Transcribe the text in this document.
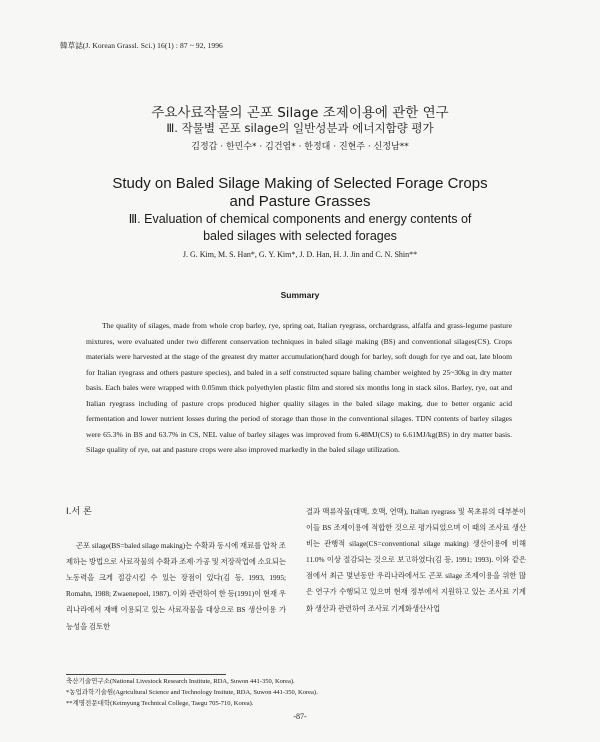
韓草誌(J. Korean Grassl. Sci.) 16(1) : 87 ~ 92, 1996
주요사료작물의 곤포 Silage 조제이용에 관한 연구
Ⅲ. 작물별 곤포 silage의 일반성분과 에너지함량 평가
김정갑 · 한민수* · 김건엽* · 한정대 · 진현주 · 신정남**
Study on Baled Silage Making of Selected Forage Crops and Pasture Grasses
Ⅲ. Evaluation of chemical components and energy contents of baled silages with selected forages
J. G. Kim, M. S. Han*, G. Y. Kim*, J. D. Han, H. J. Jin and C. N. Shin**
Summary

The quality of silages, made from whole crop barley, rye, spring oat, Italian ryegrass, orchardgrass, alfalfa and grass-legume pasture mixtures, were evaluated under two different conservation techniques in baled silage making (BS) and conventional silages(CS). Crops materials were harvested at the stage of the greatest dry matter accumulation(hard dough for barley, soft dough for rye and oat, late bloom for Italian ryegrass and others pasture species), and baled in a self constructed square baling chamber weighted by 25~30kg in dry matter basis. Each bales were wrapped with 0.05mm thick polyethylen plastic film and stored six months long in stack silos. Barley, rye, oat and Italian ryegrass including of pasture crops produced higher quality silages in the baled silage making, due to better organic acid fermentation and lower nutrient losses during the period of storage than those in the conventional silages. TDN contents of barley silages were 65.3% in BS and 63.7% in CS, NEL value of barley silages was improved from 6.48MJ(CS) to 6.61MJ/kg(BS) in dry matter basis. Silage quality of rye, oat and pasture crops were also improved markedly in the baled silage utilization.

Ⅰ.서 론
곤포 silage(BS=baled silage making)는 수확과 동시에 재료를 압착 조제하는 방법으로 사료작물의 수확과 조제·가공 및 저장작업에 소요되는 노동력을 크게 절감시킬 수 있는 장점이 있다(김 등, 1993, 1995; Romahn, 1988; Zwaenepoel, 1987). 이와 관련하여 한 등(1991)이 현재 우리나라에서 재배 이용되고 있는 사료작물을 대상으로 BS 생산이용 가능성을 검토한
결과 맥류작물(대맥, 호맥, 연맥), Italian ryegrass 및 목초류의 대부분이 이들 BS 조제이용에 적합한 것으로 평가되었으며 이 때의 조사료 생산비는 관행적 silage(CS=conventional silage making) 생산이용에 비해 11.0% 이상 절감되는 것으로 보고하였다(김 등, 1991; 1993). 이와 같은 점에서 최근 몇년동안 우리나라에서도 곤포 silage 조제이용을 위한 많은 연구가 수행되고 있으며 현재 정부에서 지원하고 있는 조사료 기계화 생산과 관련하여 조사료 기계화생산사업
축산기술연구소(National Livestock Research Institute, RDA, Suwon 441-350, Korea).
*농업과학기술원(Agricultural Science and Technology Insitute, RDA, Suwon 441-350, Korea).
**계명전문대학(Keimyung Technical College, Taegu 705-710, Korea).
-87-
